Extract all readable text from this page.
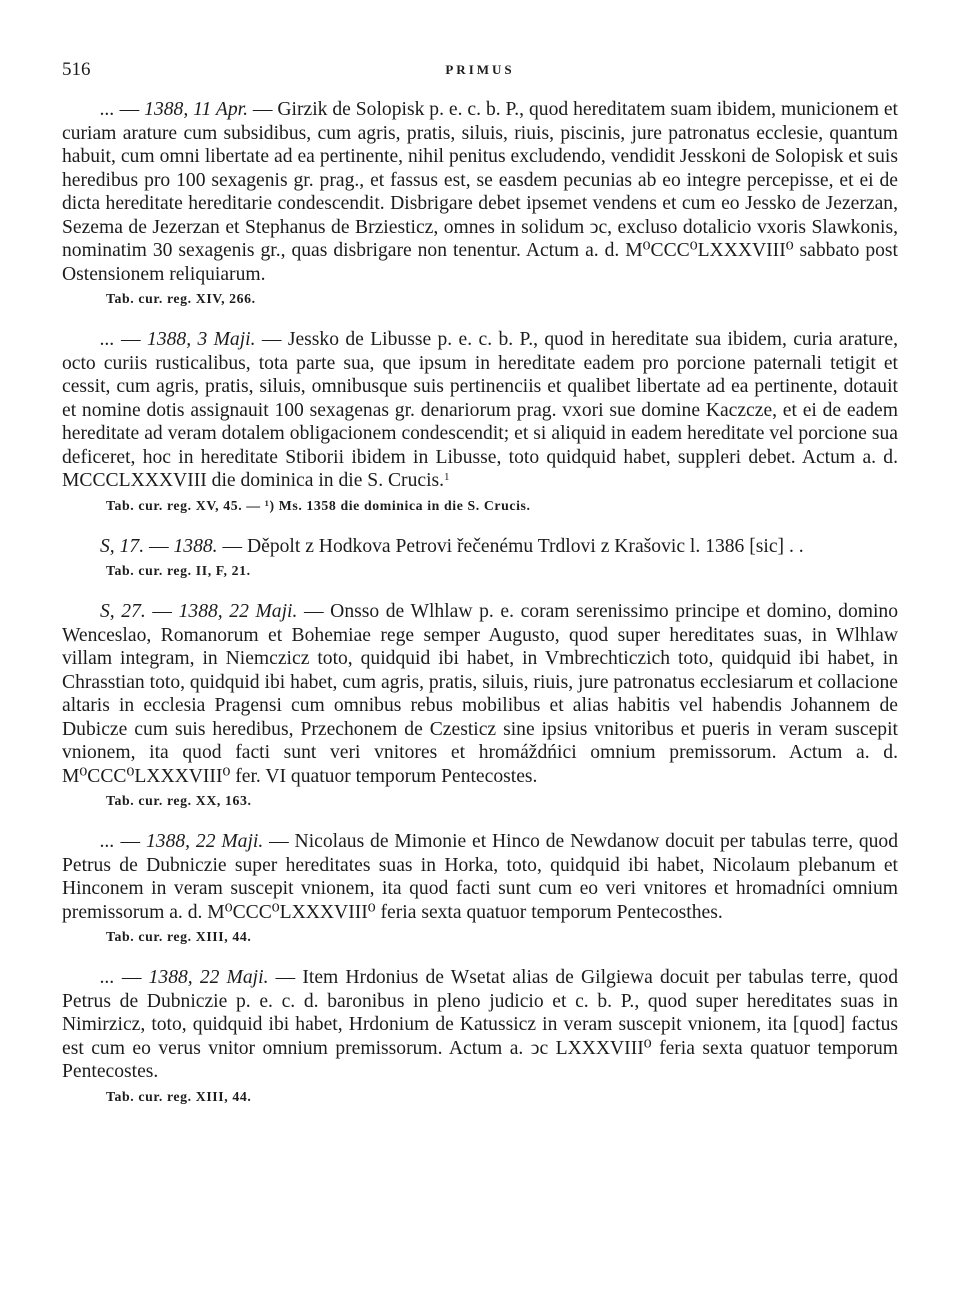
516	PRIMUS

... — 1388, 11 Apr. — Girzik de Solopisk p. e. c. b. P., quod hereditatem suam ibidem, municionem et curiam arature cum subsidibus, cum agris, pratis, siluis, riuis, piscinis, jure patronatus ecclesie, quantum habuit, cum omni libertate ad ea pertinente, nihil penitus excludendo, vendidit Jesskoni de Solopisk et suis heredibus pro 100 sexagenis gr. prag., et fassus est, se easdem pecunias ab eo integre percepisse, et ei de dicta hereditate hereditarie condescendit. Disbrigare debet ipsemet vendens et cum eo Jessko de Jezerzan, Sezema de Jezerzan et Stephanus de Brziesticz, omnes in solidum ↄc, excluso dotalicio vxoris Slawkonis, nominatim 30 sexagenis gr., quas disbrigare non tenentur. Actum a. d. M⁰CCC⁰LXXXVIII⁰ sabbato post Ostensionem reliquiarum.

Tab. cur. reg. XIV, 266.

... — 1388, 3 Maji. — Jessko de Libusse p. e. c. b. P., quod in hereditate sua ibidem, curia arature, octo curiis rusticalibus, tota parte sua, que ipsum in hereditate eadem pro porcione paternali tetigit et cessit, cum agris, pratis, siluis, omnibusque suis pertinenciis et qualibet libertate ad ea pertinente, dotauit et nomine dotis assignauit 100 sexagenas gr. denariorum prag. vxori sue domine Kaczcze, et ei de eadem hereditate ad veram dotalem obligacionem condescendit; et si aliquid in eadem hereditate vel porcione sua deficeret, hoc in hereditate Stiborii ibidem in Libusse, toto quidquid habet, suppleri debet. Actum a. d. MCCCLXXXVIII die dominica in die S. Crucis.$^1$

Tab. cur. reg. XV, 45. — ¹) Ms. 1358 die dominica in die S. Crucis.

S, 17. — 1388. — Děpolt z Hodkova Petrovi řečenému Trdlovi z Krašovic l. 1386 [sic] . .

Tab. cur. reg. II, F, 21.

S, 27. — 1388, 22 Maji. — Onsso de Wlhlaw p. e. coram serenissimo principe et domino, domino Wenceslao, Romanorum et Bohemiae rege semper Augusto, quod super hereditates suas, in Wlhlaw villam integram, in Niemczicz toto, quidquid ibi habet, in Vmbrechticzich toto, quidquid ibi habet, in Chrasstian toto, quidquid ibi habet, cum agris, pratis, siluis, riuis, jure patronatus ecclesiarum et collacione altaris in ecclesia Pragensi cum omnibus rebus mobilibus et alias habitis vel habendis Johannem de Dubicze cum suis heredibus, Przechonem de Czesticz sine ipsius vnitoribus et pueris in veram suscepit vnionem, ita quod facti sunt veri vnitores et hromáždńici omnium premissorum. Actum a. d. M⁰CCC⁰LXXXVIII⁰ fer. VI quatuor temporum Pentecostes.

Tab. cur. reg. XX, 163.

... — 1388, 22 Maji. — Nicolaus de Mimonie et Hinco de Newdanow docuit per tabulas terre, quod Petrus de Dubniczie super hereditates suas in Horka, toto, quidquid ibi habet, Nicolaum plebanum et Hinconem in veram suscepit vnionem, ita quod facti sunt cum eo veri vnitores et hromadníci omnium premissorum a. d. M⁰CCC⁰LXXXVIII⁰ feria sexta quatuor temporum Pentecosthes.

Tab. cur. reg. XIII, 44.

... — 1388, 22 Maji. — Item Hrdonius de Wsetat alias de Gilgiewa docuit per tabulas terre, quod Petrus de Dubniczie p. e. c. d. baronibus in pleno judicio et c. b. P., quod super hereditates suas in Nimirzicz, toto, quidquid ibi habet, Hrdonium de Katussicz in veram suscepit vnionem, ita [quod] factus est cum eo verus vnitor omnium premissorum. Actum a. ↄc LXXXVIII⁰ feria sexta quatuor temporum Pentecostes.

Tab. cur. reg. XIII, 44.
